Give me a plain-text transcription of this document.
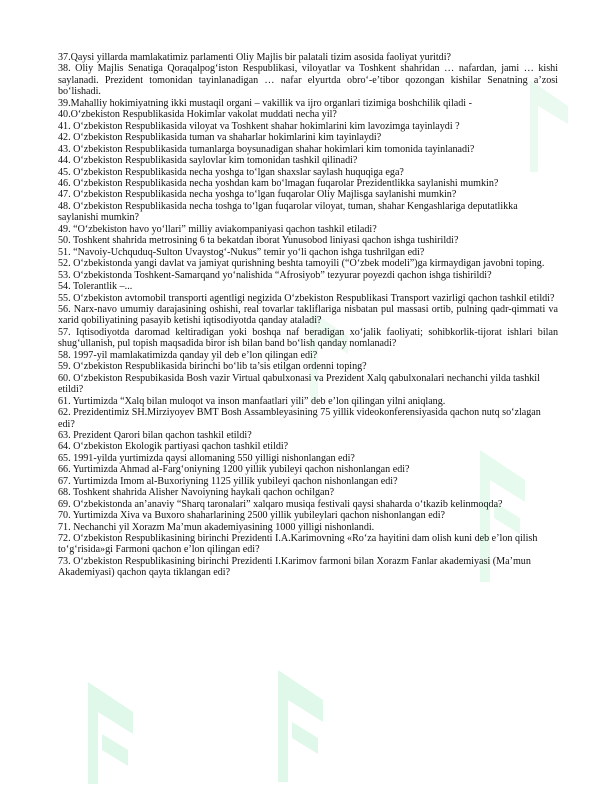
37.Qaysi yillarda mamlakatimiz parlamenti Oliy Majlis bir palatali tizim asosida faoliyat yuritdi?

38. Oliy Majlis Senatiga Qoraqalpog‘iston Respublikasi, viloyatlar va Toshkent shahridan … nafardan, jami … kishi saylanadi. Prezident tomonidan tayinlanadigan … nafar elyurtda obro‘-e’tibor qozongan kishilar Senatning a’zosi bo‘lishadi.

39.Mahalliy hokimiyatning ikki mustaqil organi – vakillik va ijro organlari tizimiga boshchilik qiladi -

40.O‘zbekiston Respublikasida Hokimlar vakolat muddati necha yil?

41. O‘zbekiston Respublikasida viloyat va Toshkent shahar hokimlarini kim lavozimga tayinlaydi ?

42. O‘zbekiston Respublikasida tuman va shaharlar hokimlarini kim tayinlaydi?

43. O‘zbekiston Respublikasida tumanlarga boysunadigan shahar hokimlari kim tomonida tayinlanadi?

44. O‘zbekiston Respublikasida saylovlar kim tomonidan tashkil qilinadi?

45. O‘zbekiston Respublikasida necha yoshga to‘lgan shaxslar saylash huquqiga ega?

46. O‘zbekiston Respublikasida necha yoshdan kam bo‘lmagan fuqarolar Prezidentlikka saylanishi mumkin?

47. O‘zbekiston Respublikasida necha yoshga to‘lgan fuqarolar Oliy Majlisga saylanishi mumkin?

48. O‘zbekiston Respublikasida necha toshga to‘lgan fuqarolar viloyat, tuman, shahar Kengashlariga deputatlikka saylanishi mumkin?

49. “O‘zbekiston havo yo‘llari” milliy aviakompaniyasi qachon tashkil etiladi?

50. Toshkent shahrida metrosining 6 ta bekatdan iborat Yunusobod liniyasi qachon ishga tushirildi?

51. “Navoiy-Uchquduq-Sulton Uvaystog‘-Nukus” temir yo‘li qachon ishga tushrilgan edi?

52. O‘zbekistonda yangi davlat va jamiyat qurishning beshta tamoyili (“O‘zbek modeli”)ga kirmaydigan javobni toping.

53. O‘zbekistonda Toshkent-Samarqand yo‘nalishida “Afrosiyob” tezyurar poyezdi qachon ishga tishirildi?

54. Tolerantlik –...

55. O‘zbekiston avtomobil transporti agentligi negizida O‘zbekiston Respublikasi Transport vazirligi qachon tashkil etildi?

56. Narx-navo umumiy darajasining oshishi, real tovarlar takliflariga nisbatan pul massasi ortib, pulning qadr-qimmati va xarid qobiliyatining pasayib ketishi iqtisodiyotda qanday ataladi?

57. Iqtisodiyotda daromad keltiradigan yoki boshqa naf beradigan xo‘jalik faoliyati; sohibkorlik-tijorat ishlari bilan shug‘ullanish, pul topish maqsadida biror ish bilan band bo‘lish qanday nomlanadi?

58. 1997-yil mamlakatimizda qanday yil deb e’lon qilingan edi?

59. O‘zbekiston Respublikasida birinchi bo‘lib ta’sis etilgan ordenni toping?

60. O‘zbekiston Respubikasida Bosh vazir Virtual qabulxonasi va Prezident Xalq qabulxonalari nechanchi yilda tashkil etildi?

61. Yurtimizda “Xalq bilan muloqot va inson manfaatlari yili” deb e’lon qilingan yilni aniqlang.

62. Prezidentimiz SH.Mirziyoyev BMT Bosh Assambleyasining 75 yillik videokonferensiyasida qachon nutq so‘zlagan edi?

63. Prezident Qarori bilan qachon tashkil etildi?

64. O‘zbekiston Ekologik partiyasi qachon tashkil etildi?

65. 1991-yilda yurtimizda qaysi allomaning 550 yilligi nishonlangan edi?

66. Yurtimizda Ahmad al-Farg‘oniyning 1200 yillik yubileyi qachon nishonlangan edi?

67. Yurtimizda Imom al-Buxoriyning 1125 yillik yubileyi qachon nishonlangan edi?

68. Toshkent shahrida Alisher Navoiyning haykali qachon ochilgan?

69. O‘zbekistonda an’anaviy “Sharq taronalari” xalqaro musiqa festivali qaysi shaharda o‘tkazib kelinmoqda?

70. Yurtimizda Xiva va Buxoro shaharlarining 2500 yillik yubileylari qachon nishonlangan edi?

71. Nechanchi yil Xorazm Ma’mun akademiyasining 1000 yilligi nishonlandi.

72. O‘zbekiston Respublikasining birinchi Prezidenti I.A.Karimovning «Ro‘za hayitini dam olish kuni deb e’lon qilish to‘g‘risida»gi Farmoni qachon e’lon qilingan edi?

73. O‘zbekiston Respublikasining birinchi Prezidenti I.Karimov farmoni bilan Xorazm Fanlar akademiyasi (Ma’mun Akademiyasi) qachon qayta tiklangan edi?
